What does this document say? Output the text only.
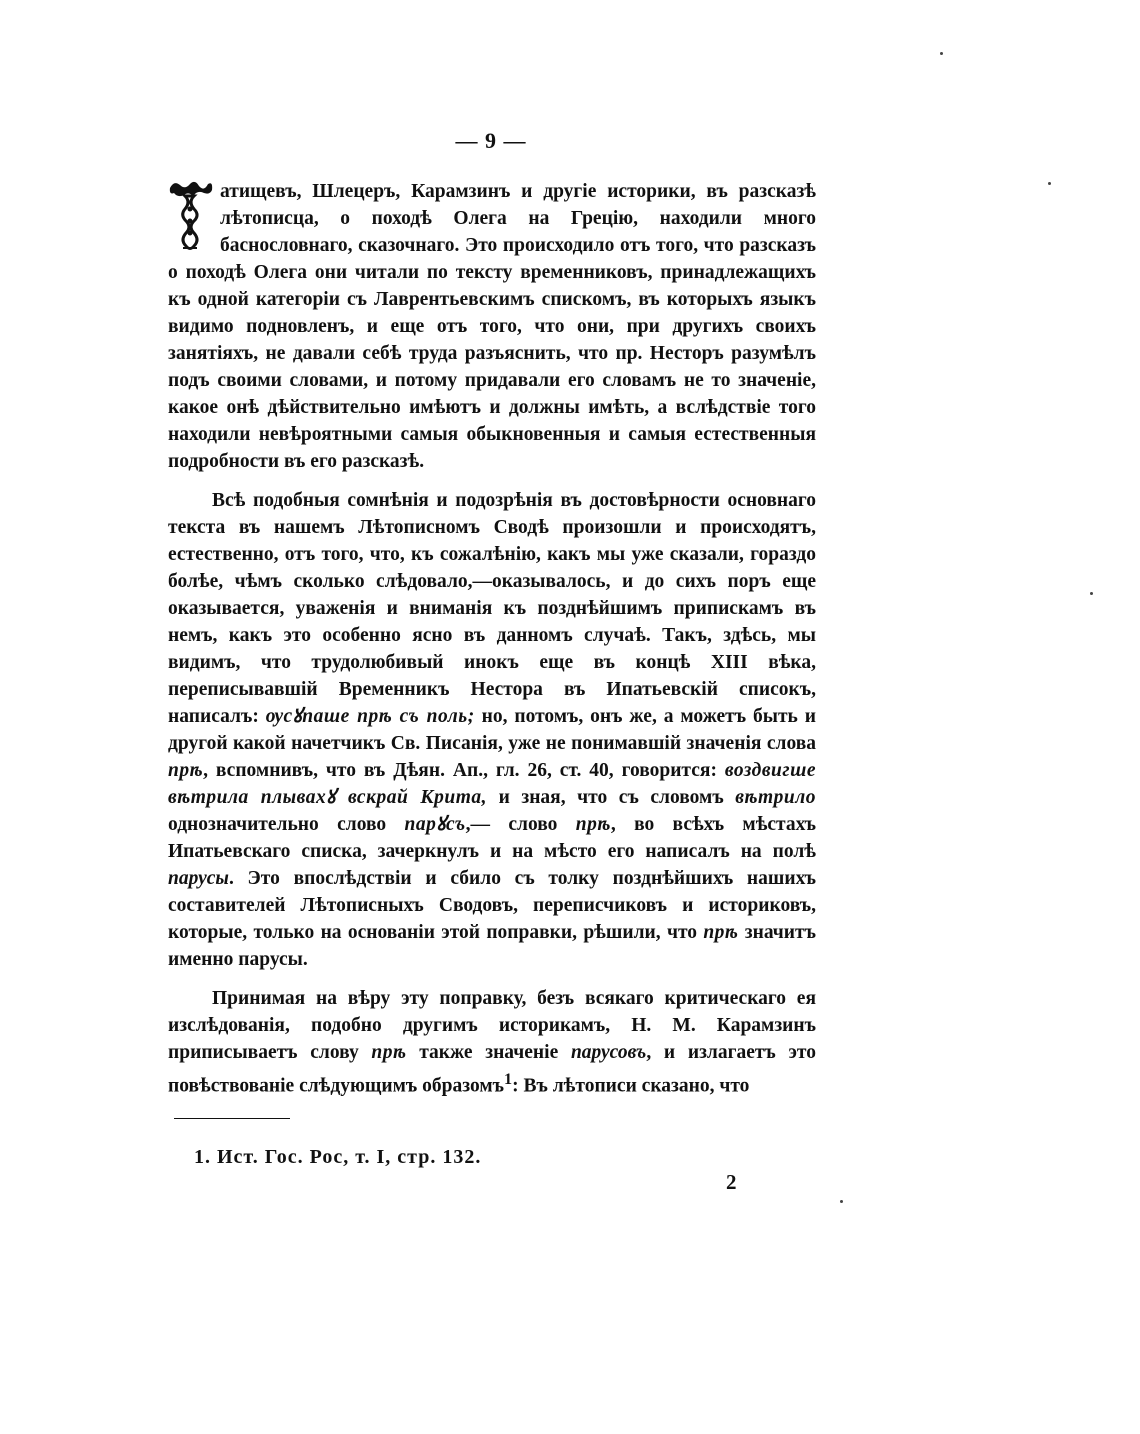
— 9 —

атищевъ, Шлецеръ, Карамзинъ и другіе историки, въ разсказѣ лѣтописца, о походѣ Олега на Грецію, находили много баснословнаго, сказочнаго. Это происходило отъ того, что разсказъ о походѣ Олега они читали по тексту временниковъ, принадлежащихъ къ одной категоріи съ Лаврентьевскимъ спискомъ, въ которыхъ языкъ видимо подновленъ, и еще отъ того, что они, при другихъ своихъ занятіяхъ, не давали себѣ труда разъяснить, что пр. Несторъ разумѣлъ подъ своими словами, и потому придавали его словамъ не то значеніе, какое онѣ дѣйствительно имѣютъ и должны имѣть, а вслѣдствіе того находили невѣроятными самыя обыкновенныя и самыя естественныя подробности въ его разсказѣ.

Всѣ подобныя сомнѣнія и подозрѣнія въ достовѣрности основнаго текста въ нашемъ Лѣтописномъ Сводѣ произошли и происходятъ, естественно, отъ того, что, къ сожалѣнію, какъ мы уже сказали, гораздо болѣе, чѣмъ сколько слѣдовало,—оказывалось, и до сихъ поръ еще оказывается, уваженія и вниманія къ позднѣйшимъ припискамъ въ немъ, какъ это особенно ясно въ данномъ случаѣ. Такъ, здѣсь, мы видимъ, что трудолюбивый инокъ еще въ концѣ XIII вѣка, переписывавшій Временникъ Нестора въ Ипатьевскій списокъ, написалъ: ѹсꙋпаше прѣ съ поль; но, потомъ, онъ же, а можетъ быть и другой какой начетчикъ Св. Писанія, уже не понимавшій значенія слова прѣ, вспомнивъ, что въ Дѣян. Ап., гл. 26, ст. 40, говорится: воздвигше вѣтрила плывахꙋ вскрай Крита, и зная, что съ словомъ вѣтрило однозначительно слово парꙋсъ,— слово прѣ, во всѣхъ мѣстахъ Ипатьевскаго списка, зачеркнулъ и на мѣсто его написалъ на полѣ парусы. Это впослѣдствіи и сбило съ толку позднѣйшихъ нашихъ составителей Лѣтописныхъ Сводовъ, переписчиковъ и историковъ, которые, только на основаніи этой поправки, рѣшили, что прѣ значитъ именно парусы.

Принимая на вѣру эту поправку, безъ всякаго критическаго ея изслѣдованія, подобно другимъ историкамъ, Н. М. Карамзинъ приписываетъ слову прѣ также значеніе парусовъ, и излагаетъ это повѣствованіе слѣдующимъ образомъ$^1$: Въ лѣтописи сказано, что

1. Ист. Гос. Рос, т. I, стр. 132.
2
